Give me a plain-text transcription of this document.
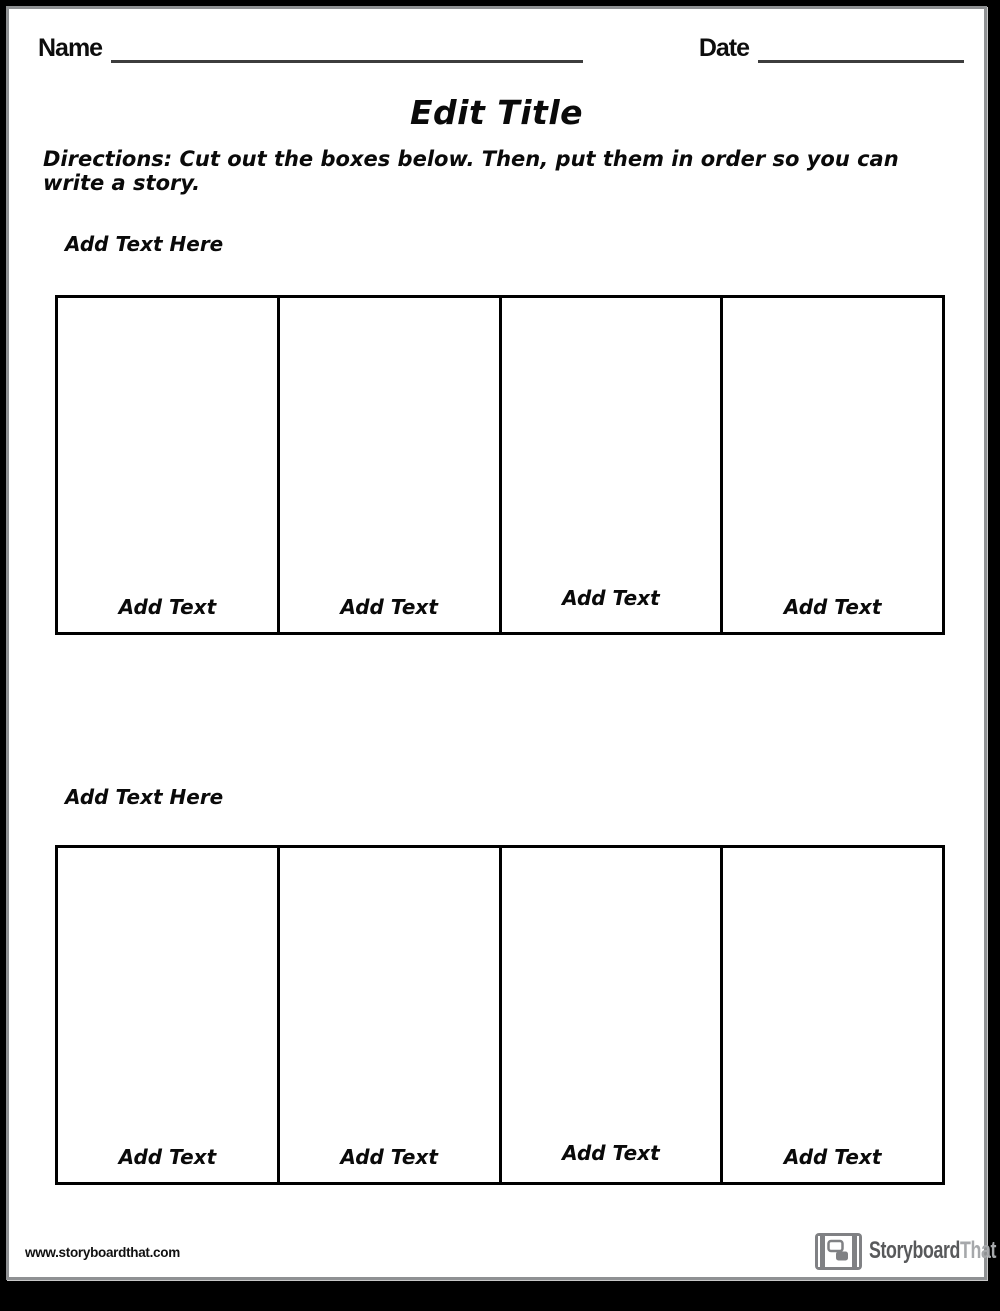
Name	Date
Edit Title
Directions: Cut out the boxes below. Then, put them in order so you can write a story.
Add Text Here
Add Text	Add Text	Add Text	Add Text
Add Text Here
Add Text	Add Text	Add Text	Add Text
www.storyboardthat.com	StoryboardThat
